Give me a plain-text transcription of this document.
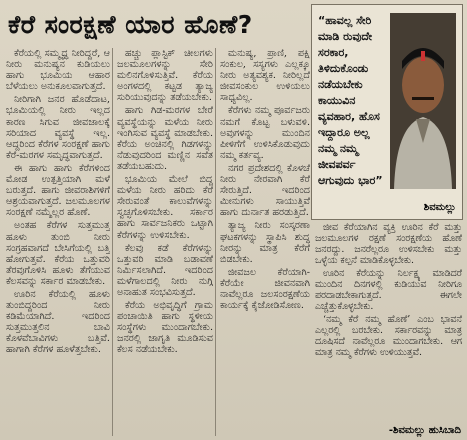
ಕೆರೆ ಸಂರಕ್ಷಣೆ ಯಾರ ಹೊಣೆ?

ಕೆರೆಯಲ್ಲಿ ಸಮ್ಮೃದ್ಧ ನೀರಿದ್ದರೆ, ಆ ನೀರು ಮನುಷ್ಯನ ಕುಡಿಯಲು ಹಾಗು ಭೂಮಿಯ ಆಹಾರ ಬೆಳೆಯಲು ಅನುಕೂಲವಾಗುತ್ತದೆ.

ನೀರಿಗಾಗಿ ಜನರ ಹೊಡೆದಾಟ, ಭೂಮಿಯಲ್ಲಿ ನೀರು ಇಲ್ಲದ ಕಾರಣ ಸಿಗುವ ಜೀವಜಾಲಕ್ಕೆ ಸರಿಯಾದ ವ್ಯವಸ್ಥೆ ಇಲ್ಲ. ಆದ್ದರಿಂದ ಕೆರೆಗಳ ಸಂರಕ್ಷಣೆ ಹಾಗು ಕೆರೆ-ಮರಗಳ ಸಮೃದ್ಧವಾಗುತ್ತದೆ.

ಈ ಹಾಗು ಹಾಗು ಕೆರೆಗಳಿಂದ ಮೋಡ ಉತ್ಪತ್ತಿಯಾಗಿ ಮಳೆ ಬರುತ್ತದೆ. ಹಾಗು ಜೀವರಾಶಿಗಳಿಗೆ ಆಶ್ರಯವಾಗುತ್ತದೆ. ಜಲಮೂಲಗಳ ಸಂರಕ್ಷಣೆ ನಮ್ಮೆಲ್ಲರ ಹೊಣೆ.

ಅಂತಹ ಕೆರೆಗಳ ಸುತ್ತಮುತ್ತ ಹೂಳು ತುಂಬಿ ನೀರು ಸಂಗ್ರಹವಾಗದೆ ಬೇಸಿಗೆಯಲ್ಲಿ ಬತ್ತಿ ಹೋಗುತ್ತವೆ. ಕೆರೆಯ ಒತ್ತುವರಿ ತೆರವುಗೊಳಿಸಿ ಹೂಳು ತೆಗೆಯುವ ಕೆಲಸವನ್ನು ಸರ್ಕಾರ ಮಾಡಬೇಕು.

ಊರಿನ ಕೆರೆಯಲ್ಲಿ ಹೂಳು ತುಂಬಿದ್ದರಿಂದ ನೀರು ಕಡಿಮೆಯಾಗಿದೆ. ಇದರಿಂದ ಸುತ್ತಮುತ್ತಲಿನ ಬಾವಿ ಕೊಳವೆಬಾವಿಗಳು ಬತ್ತಿವೆ. ಹಾಗಾಗಿ ಕೆರೆಗಳ ಹೂಳೆತ್ತಬೇಕು.

ಹಚ್ಚು ಪ್ಲಾಸ್ಟಿಕ್ ಚೀಲಗಳು ಜಲಮೂಲಗಳನ್ನು ಸೇರಿ ಮಲಿನಗೊಳಿಸುತ್ತಿವೆ. ಕೆರೆಯ ಅಂಗಳದಲ್ಲಿ ಕಟ್ಟಡ ತ್ಯಾಜ್ಯ ಸುರಿಯುವುದನ್ನು ತಡೆಯಬೇಕು.

ಹಾಗು ಗಿಡ-ಮರಗಳ ಬೇರೆ ವ್ಯವಸ್ಥೆಯನ್ನು ಮಳೆಯ ನೀರು ಇಂಗಿಸುವ ವ್ಯವಸ್ಥೆ ಮಾಡಬೇಕು. ಕೆರೆಯ ಅಂಚಿನಲ್ಲಿ ಗಿಡಗಳನ್ನು ನೆಡುವುದರಿಂದ ಮಣ್ಣಿನ ಸವೆತ ತಡೆಯಬಹುದು.

ಭೂಮಿಯ ಮೇಲೆ ಬಿದ್ದ ಮಳೆಯ ನೀರು ಹರಿದು ಕೆರೆ ಸೇರುವಂತೆ ಕಾಲುವೆಗಳನ್ನು ಸ್ವಚ್ಛಗೊಳಿಸಬೇಕು. ಸರ್ಕಾರ ಹಾಗು ಸಾರ್ವಜನಿಕರು ಒಟ್ಟಾಗಿ ಕೆರೆಗಳನ್ನು ಉಳಿಸಬೇಕು.

ಕೆಲವು ಕಡೆ ಕೆರೆಗಳನ್ನು ಒತ್ತುವರಿ ಮಾಡಿ ಬಡಾವಣೆ ನಿರ್ಮಿಸಲಾಗಿದೆ. ಇದರಿಂದ ಮಳೆಗಾಲದಲ್ಲಿ ನೀರು ನುಗ್ಗಿ ಅನಾಹುತ ಸಂಭವಿಸುತ್ತದೆ.

ಕೆರೆಯ ಅಭಿವೃದ್ಧಿಗೆ ಗ್ರಾಮ ಪಂಚಾಯಿತಿ ಹಾಗು ಸ್ಥಳೀಯ ಸಂಸ್ಥೆಗಳು ಮುಂದಾಗಬೇಕು. ಜನರಲ್ಲಿ ಜಾಗೃತಿ ಮೂಡಿಸುವ ಕೆಲಸ ನಡೆಯಬೇಕು.

ಮನುಷ್ಯ, ಪ್ರಾಣಿ, ಪಕ್ಷಿ ಸಂಕುಲ, ಸಸ್ಯಗಳು ಎಲ್ಲಕ್ಕೂ ನೀರು ಅತ್ಯವಶ್ಯಕ. ನೀರಿಲ್ಲದೆ ಜೀವಸಂಕುಲ ಉಳಿಯಲು ಸಾಧ್ಯವಿಲ್ಲ.

ಕೆರೆಗಳು ನಮ್ಮ ಪೂರ್ವಜರು ನಮಗೆ ಕೊಟ್ಟ ಬಳುವಳಿ. ಅವುಗಳನ್ನು ಮುಂದಿನ ಪೀಳಿಗೆಗೆ ಉಳಿಸಿಕೊಡುವುದು ನಮ್ಮ ಕರ್ತವ್ಯ.

ನಗರ ಪ್ರದೇಶದಲ್ಲಿ ಕೊಳಚೆ ನೀರು ನೇರವಾಗಿ ಕೆರೆ ಸೇರುತ್ತಿದೆ. ಇದರಿಂದ ಮೀನುಗಳು ಸಾಯುತ್ತಿವೆ ಹಾಗು ದುರ್ನಾತ ಹರಡುತ್ತಿದೆ.

ತ್ಯಾಜ್ಯ ನೀರು ಸಂಸ್ಕರಣಾ ಘಟಕಗಳನ್ನು ಸ್ಥಾಪಿಸಿ ಶುದ್ಧ ನೀರನ್ನು ಮಾತ್ರ ಕೆರೆಗೆ ಬಿಡಬೇಕು.

ಜೀವಜಲ ಕೆರೆಯಾಗಿ-ಕೆರೆಯೇ ಜೀವನವಾಗಿ ನಾವೆಲ್ಲರೂ ಜಲಸಂರಕ್ಷಣೆಯ ಕಾರ್ಯಕ್ಕೆ ಕೈಜೋಡಿಸೋಣ.

“ಹಾವಲ್ಲ ಸೇರಿ ಮಾಡಿ ರುವುದೇ ಸರಕಾರ, ತಿಳಿದುಕೊಂಡು ನಡೆಯಬೇಕು ಕಾಯುವಿನ ವ್ಯವಹಾರ, ಹೊಸ ಇದ್ದಾರೂ ಅಲ್ಲ ನಮ್ಮ ನಮ್ಮ ಜೀವಪರ್ವ ಆಗುವುದು ಭಾರ”
ಶಿವಮಲ್ಲು

ಜೀವ ಕೆರೆಯಾಗಿನ ವ್ಯಕ್ತಿ ಊರಿನ ಕೆರೆ ಮತ್ತು ಜಲಮೂಲಗಳ ರಕ್ಷಣೆ ಸಂರಕ್ಷಣೆಯ ಹೊಣೆ ಜನರದ್ದು. ಜನರೆಲ್ಲರೂ ಉಳಿಸಬೇಕು ಮತ್ತು ಒಳ್ಳೆಯ ಕಲ್ಪನೆ ಮಾಡಿಕೊಳ್ಳಬೇಕು.

ಊರಿನ ಕೆರೆಯನ್ನು ನಿರ್ಲಕ್ಷ್ಯ ಮಾಡಿದರೆ ಮುಂದಿನ ದಿನಗಳಲ್ಲಿ ಕುಡಿಯುವ ನೀರಿಗೂ ಪರದಾಡಬೇಕಾಗುತ್ತದೆ. ಈಗಲೇ ಎಚ್ಚೆತ್ತುಕೊಳ್ಳಬೇಕು.

‘ನಮ್ಮ ಕೆರೆ ನಮ್ಮ ಹೊಣೆ’ ಎಂಬ ಭಾವನೆ ಎಲ್ಲರಲ್ಲಿ ಬರಬೇಕು. ಸರ್ಕಾರವನ್ನು ಮಾತ್ರ ದೂಷಿಸದೆ ನಾವೆಲ್ಲರೂ ಮುಂದಾಗಬೇಕು. ಆಗ ಮಾತ್ರ ನಮ್ಮ ಕೆರೆಗಳು ಉಳಿಯುತ್ತವೆ.

-ಶಿವಮಲ್ಲು ಹುಸಿಬಾದಿ
